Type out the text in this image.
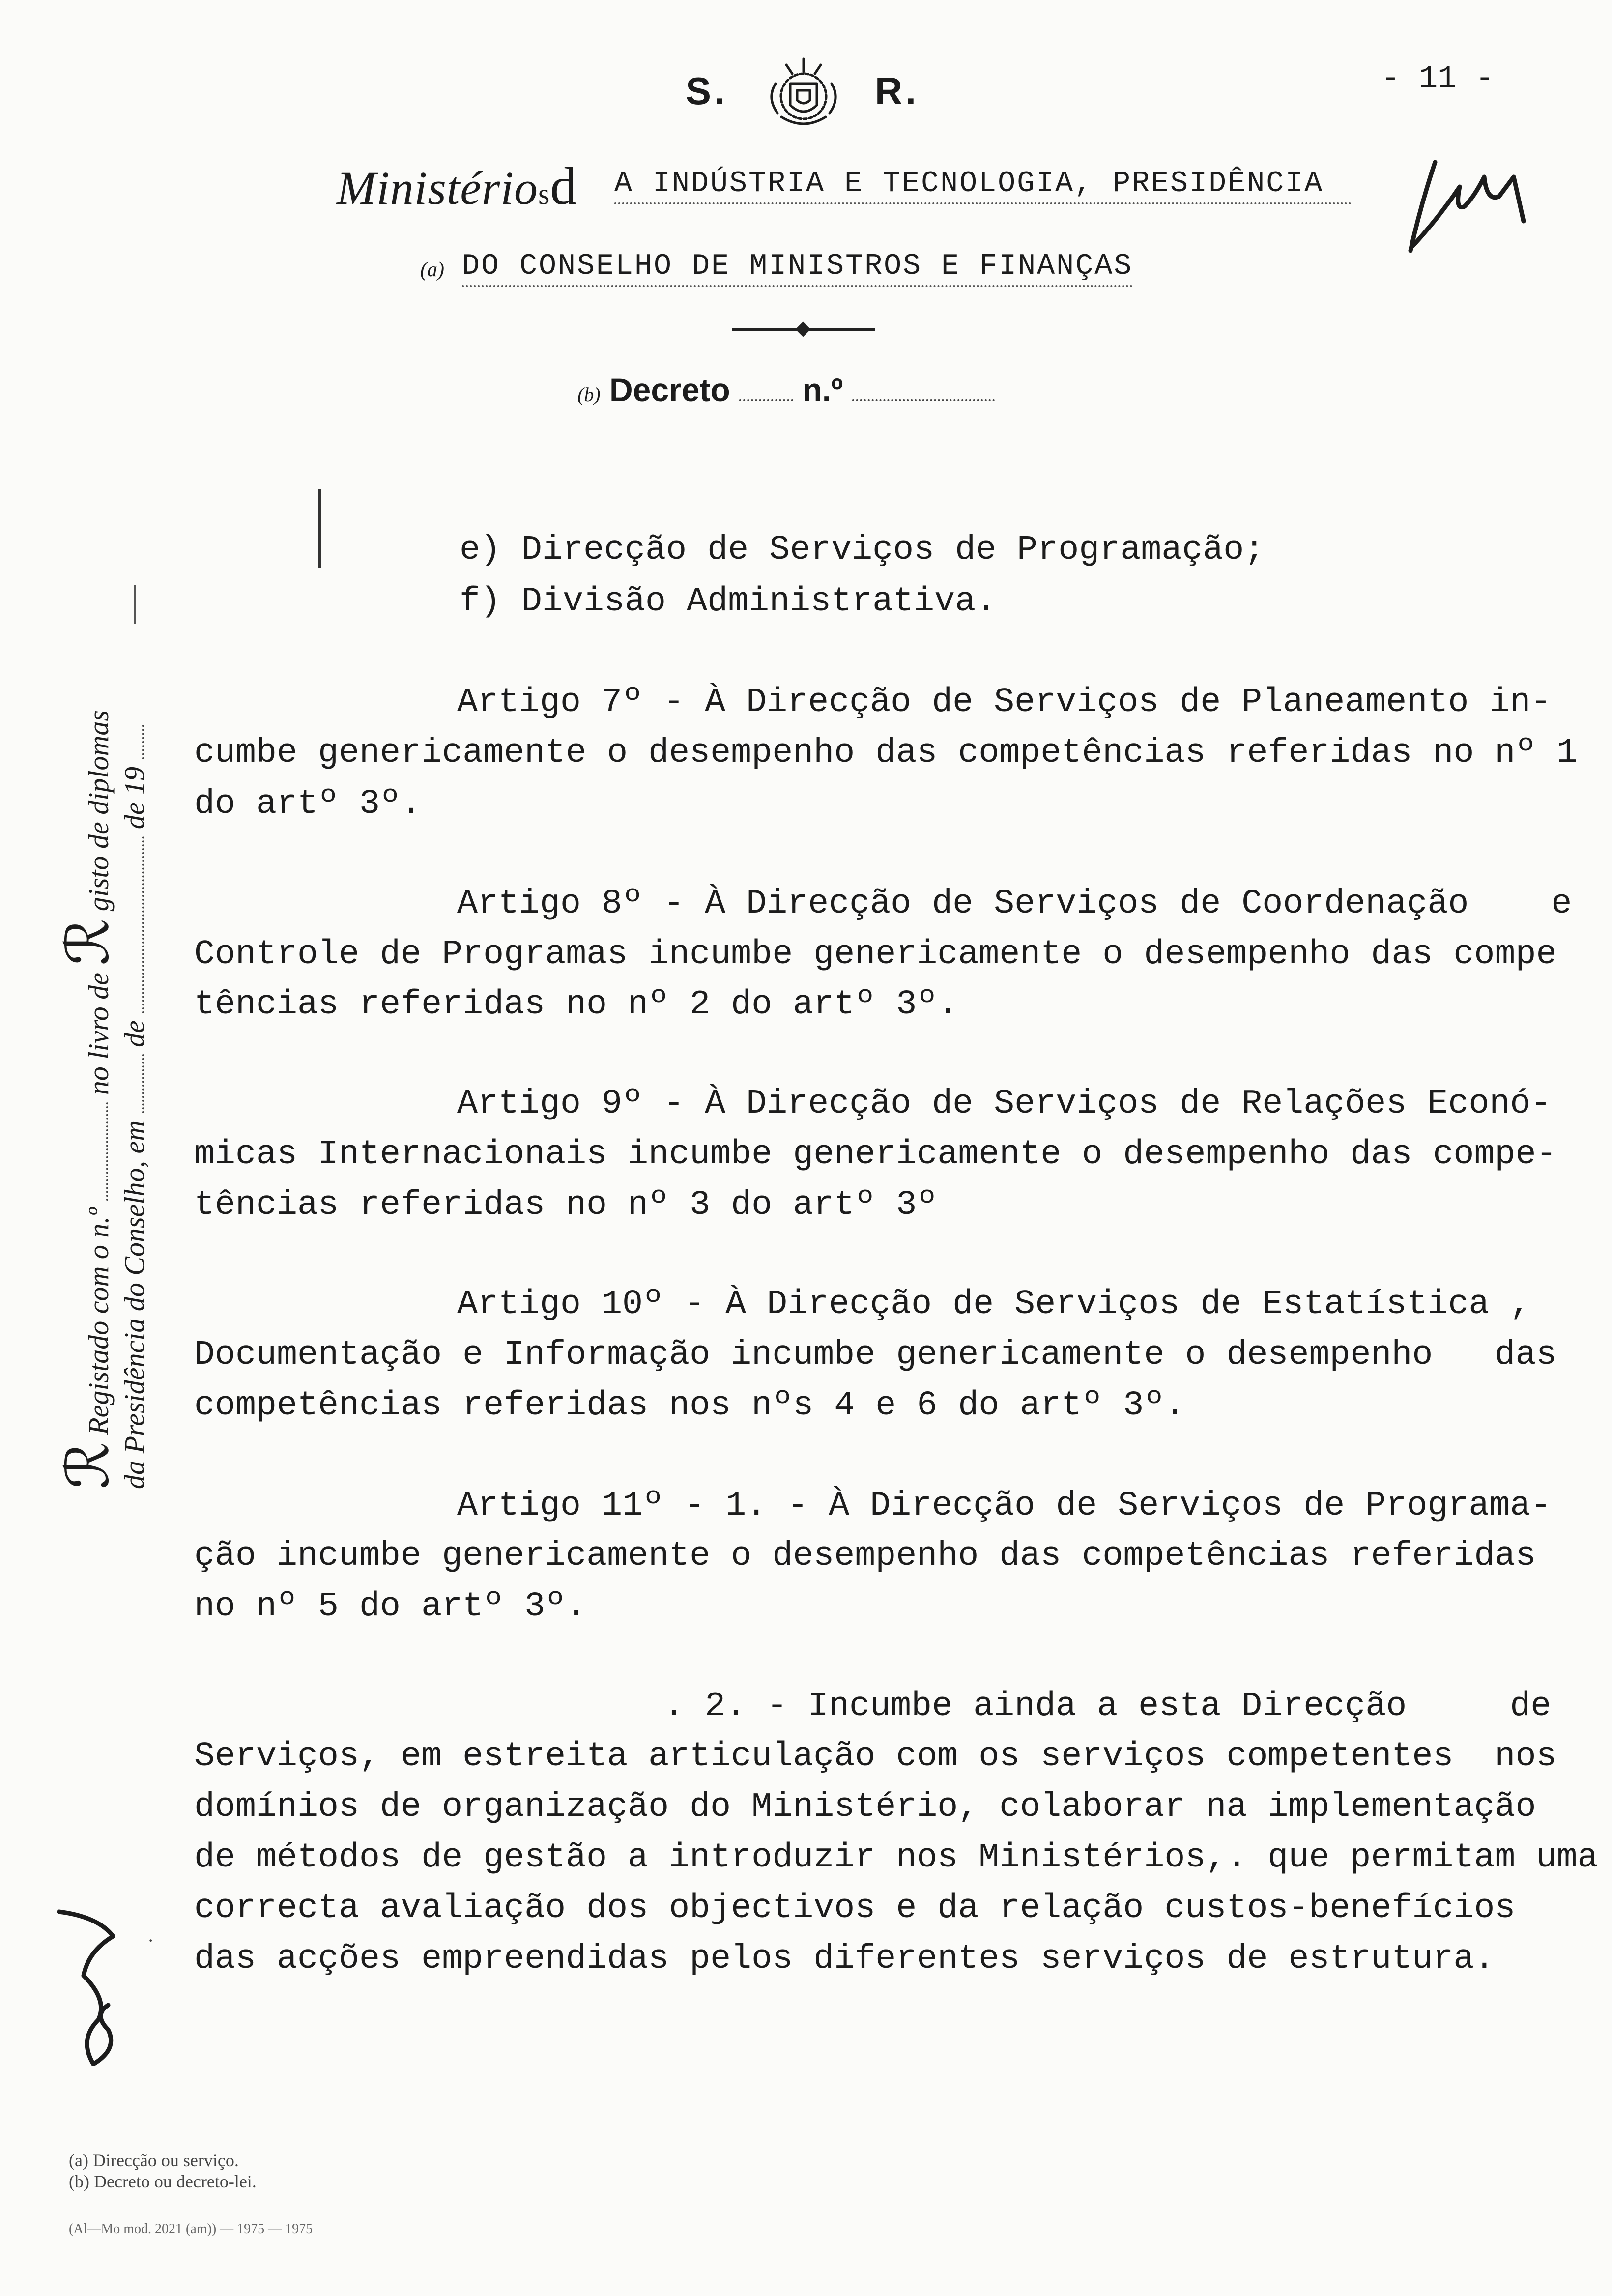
S.	R.	- 11 -
Ministériosd A INDÚSTRIA E TECNOLOGIA, PRESIDÊNCIA
(a) DO CONSELHO DE MINISTROS E FINANÇAS
(b) Decreto n.º
e) Direcção de Serviços de Programação;
f) Divisão Administrativa.
Artigo 7º - À Direcção de Serviços de Planeamento in-
cumbe genericamente o desempenho das competências referidas no nº 1
do artº 3º.
Artigo 8º - À Direcção de Serviços de Coordenação    e
Controle de Programas incumbe genericamente o desempenho das compe
tências referidas no nº 2 do artº 3º.
Artigo 9º - À Direcção de Serviços de Relações Econó-
micas Internacionais incumbe genericamente o desempenho das compe-
tências referidas no nº 3 do artº 3º
Artigo 10º - À Direcção de Serviços de Estatística ,
Documentação e Informação incumbe genericamente o desempenho   das
competências referidas nos nºs 4 e 6 do artº 3º.
Artigo 11º - 1. - À Direcção de Serviços de Programa-
ção incumbe genericamente o desempenho das competências referidas
no nº 5 do artº 3º.
. 2. - Incumbe ainda a esta Direcção     de
Serviços, em estreita articulação com os serviços competentes  nos
domínios de organização do Ministério, colaborar na implementação
de métodos de gestão a introduzir nos Ministérios,. que permitam uma
correcta avaliação dos objectivos e da relação custos-benefícios
das acções empreendidas pelos diferentes serviços de estrutura.
ℛ Registado com o n.º  no livro de ℛ gisto de diplomas
da Presidência do Conselho, em  de  de 19
·
(a) Direcção ou serviço.
(b) Decreto ou decreto-lei.
(Al—Mo mod. 2021 (am)) — 1975 — 1975
